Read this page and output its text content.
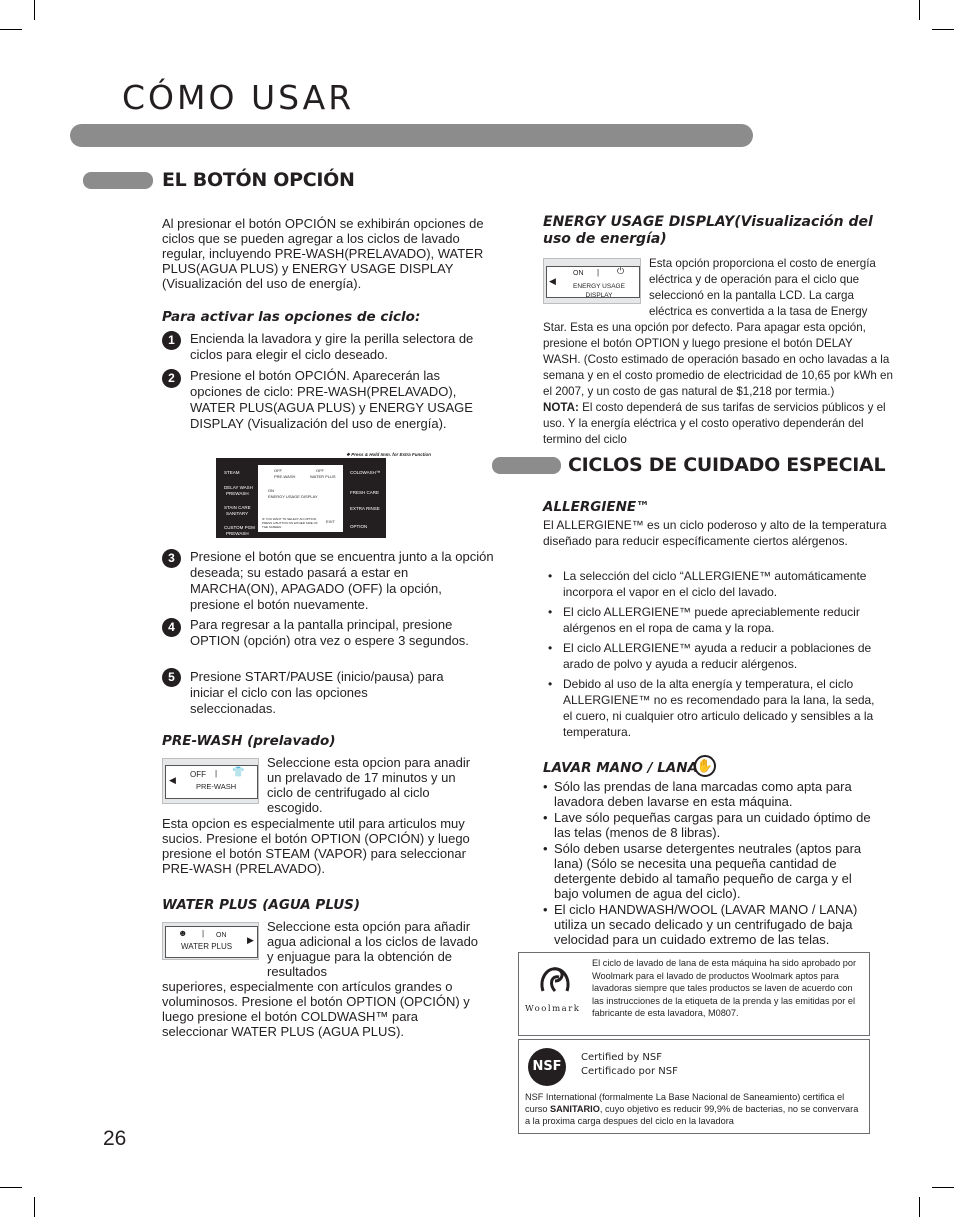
CÓMO USAR
EL BOTÓN OPCIÓN
Al presionar el botón OPCIÓN se exhibirán opciones de ciclos que se pueden agregar a los ciclos de lavado regular, incluyendo PRE-WASH(PRELAVADO), WATER PLUS(AGUA PLUS) y ENERGY USAGE DISPLAY (Visualización del uso de energía).
Para activar las opciones de ciclo:
1	Encienda la lavadora y gire la perilla selectora de ciclos para elegir el ciclo deseado.
2	Presione el botón OPCIÓN. Aparecerán las opciones de ciclo: PRE-WASH(PRELAVADO), WATER PLUS(AGUA PLUS) y ENERGY USAGE DISPLAY (Visualización del uso de energía).
❖ Press & Hold Imm. for Extra Function
STEAM
DELAY WASH
PREWASH
STAIN CARE
SANITARY
CUSTOM PGM
PREWASH
COLDWASH™
FRESH CARE
EXTRA RINSE
OPTION
OFF
PRE-WASH
OFF
WATER PLUS
ON
ENERGY USAGE DISPLAY
IF YOU WANT TO SELECT AN OPTION, PRESS A BUTTON ON EITHER SIDE OF THE SCREEN
EXIT
3	Presione el botón que se encuentra junto a la opción deseada; su estado pasará a estar en MARCHA(ON), APAGADO (OFF) la opción, presione el botón nuevamente.
4	Para regresar a la pantalla principal, presione OPTION (opción) otra vez o espere 3 segundos.
5	Presione START/PAUSE (inicio/pausa) para iniciar el ciclo con las opciones seleccionadas.
PRE-WASH (prelavado)
◀
OFF | 👕
PRE-WASH
Seleccione esta opcion para anadir un prelavado de 17 minutos y un ciclo de centrifugado al ciclo escogido.
Esta opcion es especialmente util para articulos muy sucios. Presione el botón OPTION (OPCIÓN) y luego presione el botón STEAM (VAPOR) para seleccionar PRE-WASH (PRELAVADO).
WATER PLUS (AGUA PLUS)
☻ | ON
WATER PLUS
▶
Seleccione esta opción para añadir agua adicional a los ciclos de lavado y enjuague para la obtención de resultados
superiores, especialmente con artículos grandes o voluminosos. Presione el botón OPTION (OPCIÓN) y luego presione el botón COLDWASH™ para seleccionar WATER PLUS (AGUA PLUS).
26
ENERGY USAGE DISPLAY(Visualización del uso de energía)
◀
ON | ⏻
ENERGY USAGE DISPLAY
Esta opción proporciona el costo de energía eléctrica y de operación para el ciclo que seleccionó en la pantalla LCD. La carga eléctrica es convertida a la tasa de Energy
Star. Esta es una opción por defecto. Para apagar esta opción, presione el botón OPTION y luego presione el botón DELAY WASH. (Costo estimado de operación basado en ocho lavadas a la semana y en el costo promedio de electricidad de 10,65 por kWh en el 2007, y un costo de gas natural de $1,218 por termia.)
NOTA: El costo dependerá de sus tarifas de servicios públicos y el uso. Y la energía eléctrica y el costo operativo dependerán del termino del ciclo
CICLOS DE CUIDADO ESPECIAL
ALLERGIENE™
El ALLERGIENE™ es un ciclo poderoso y alto de la temperatura diseñado para reducir específicamente ciertos alérgenos.
• La selección del ciclo “ALLERGIENE™ automáticamente incorpora el vapor en el ciclo del lavado.
• El ciclo ALLERGIENE™ puede apreciablemente reducir alérgenos en el ropa de cama y la ropa.
• El ciclo ALLERGIENE™ ayuda a reducir a poblaciones de arado de polvo y ayuda a reducir alérgenos.
• Debido al uso de la alta energía y temperatura, el ciclo ALLERGIENE™ no es recomendado para la lana, la seda, el cuero, ni cualquier otro articulo delicado y sensibles a la temperatura.
LAVAR MANO / LANA
✋
• Sólo las prendas de lana marcadas como apta para lavadora deben lavarse en esta máquina.
• Lave sólo pequeñas cargas para un cuidado óptimo de las telas (menos de 8 libras).
• Sólo deben usarse detergentes neutrales (aptos para lana) (Sólo se necesita una pequeña cantidad de detergente debido al tamaño pequeño de carga y el bajo volumen de agua del ciclo).
• El ciclo HANDWASH/WOOL (LAVAR MANO / LANA) utiliza un secado delicado y un centrifugado de baja velocidad para un cuidado extremo de las telas.
Woolmark
El ciclo de lavado de lana de esta máquina ha sido aprobado por Woolmark para el lavado de productos Woolmark aptos para lavadoras siempre que tales productos se laven de acuerdo con las instrucciones de la etiqueta de la prenda y las emitidas por el fabricante de esta lavadora, M0807.
NSF
Certified by NSF
Certificado por NSF
NSF International (formalmente La Base Nacional de Saneamiento) certifica el curso SANITARIO, cuyo objetivo es reducir 99,9% de bacterias, no se convervara a la proxima carga despues del ciclo en la lavadora
